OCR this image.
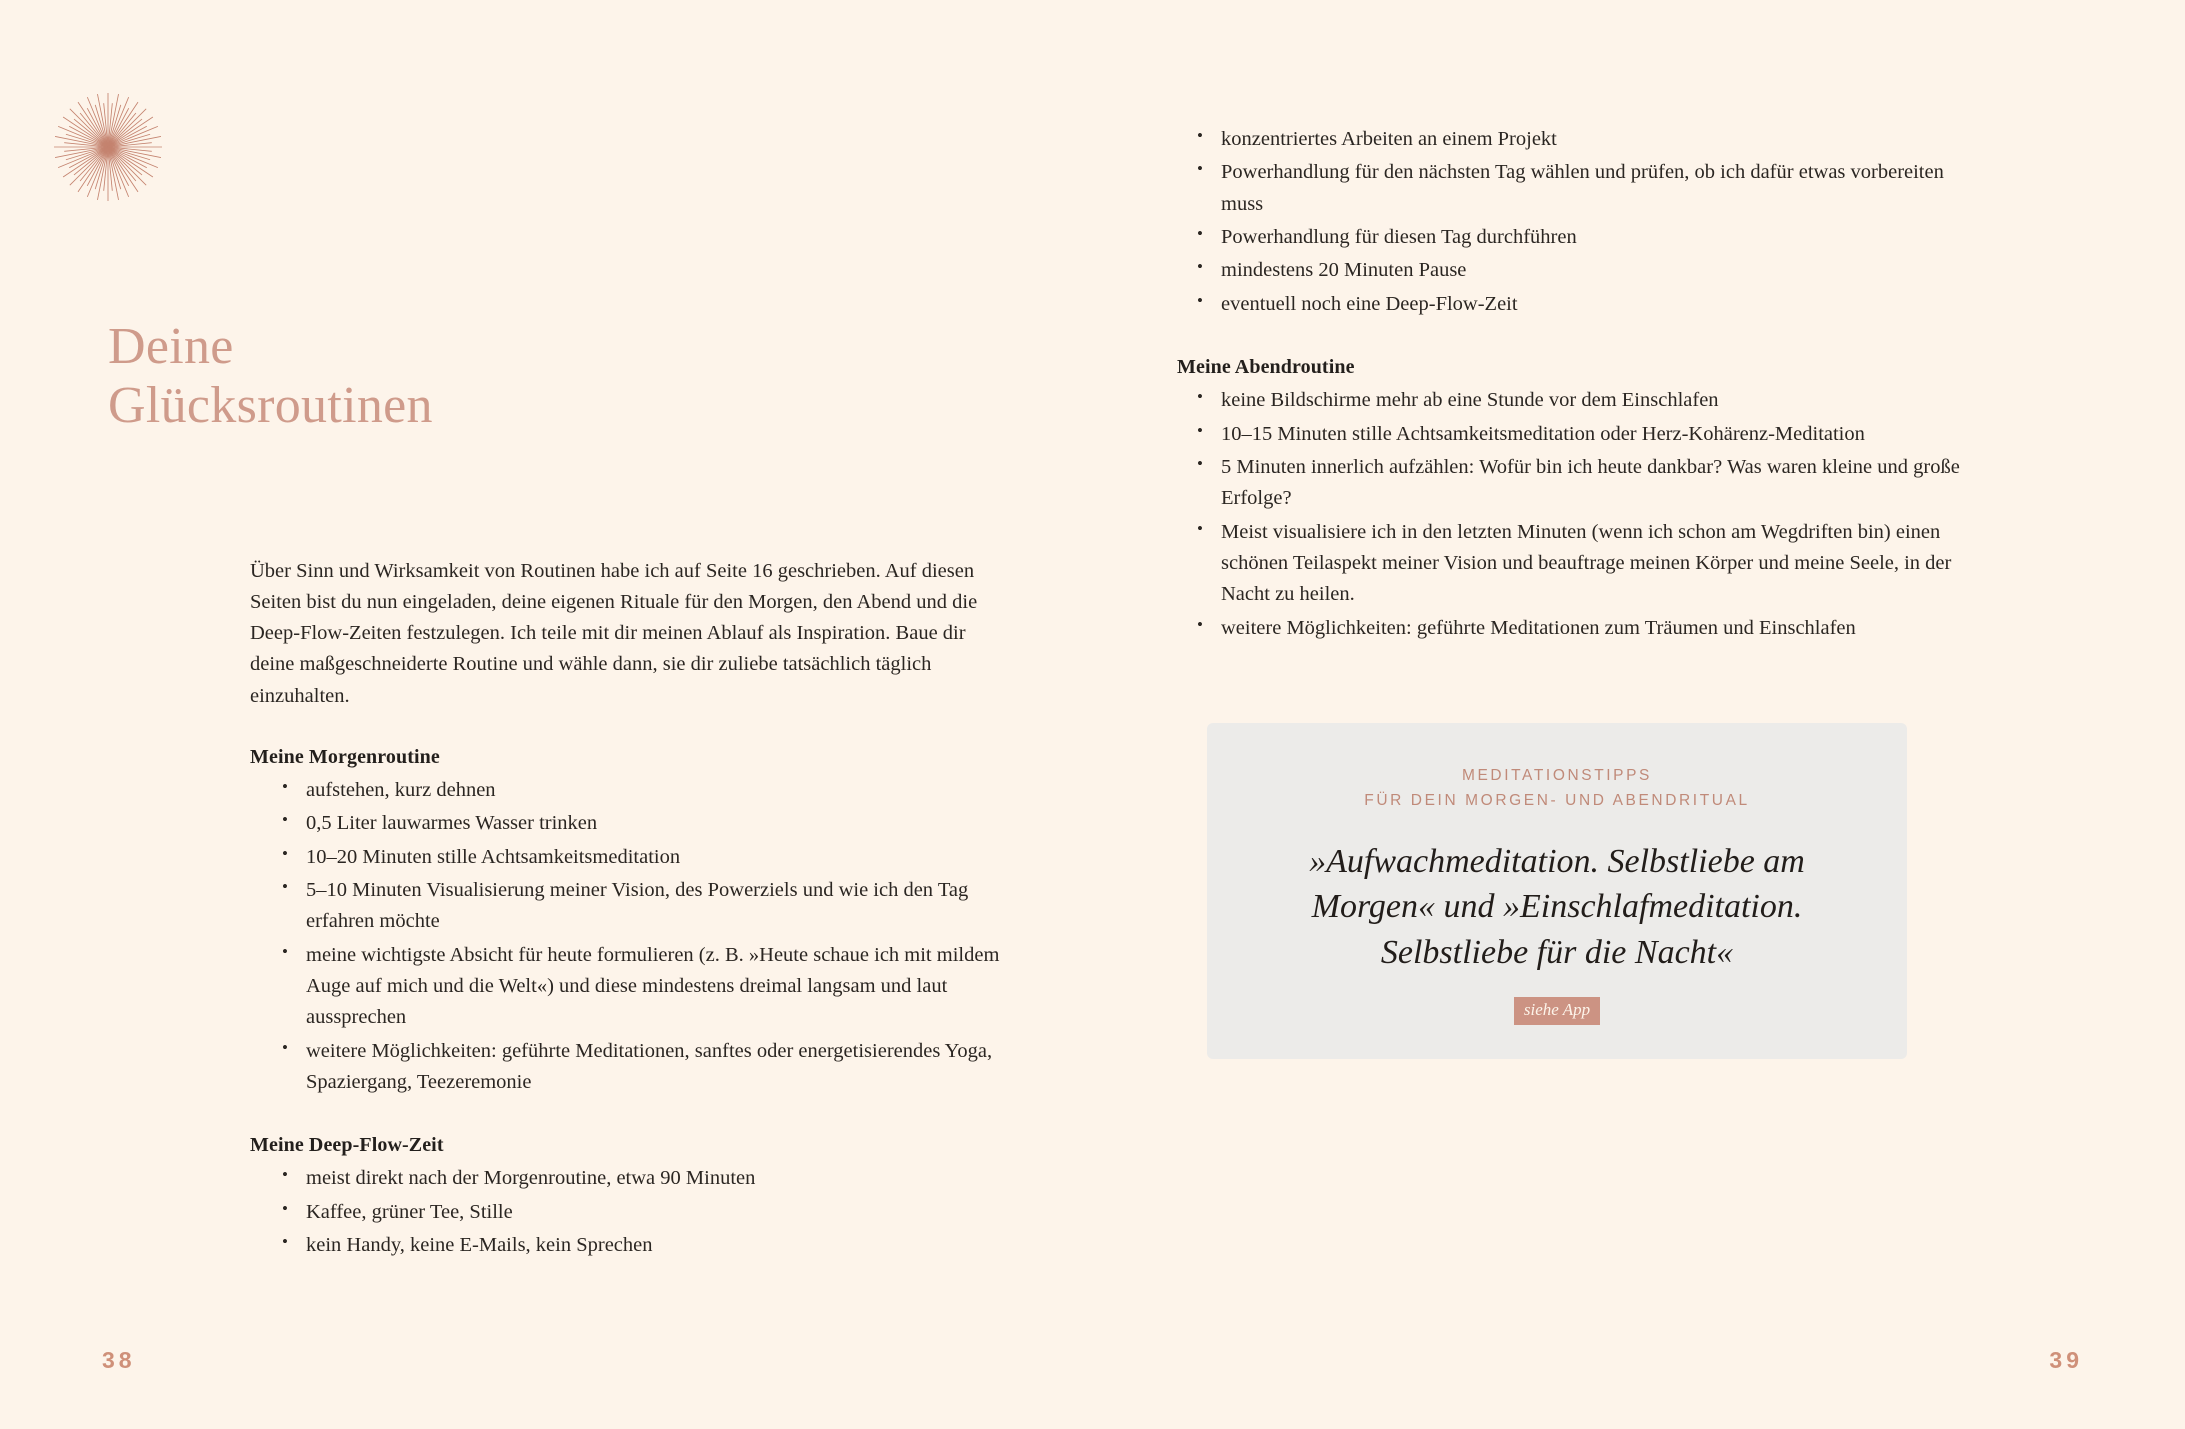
Deine
Glücksroutinen

Über Sinn und Wirksamkeit von Routinen habe ich auf Seite 16 geschrieben. Auf diesen Seiten bist du nun eingeladen, deine eigenen Rituale für den Morgen, den Abend und die Deep-Flow-Zeiten festzulegen. Ich teile mit dir meinen Ablauf als Inspiration. Baue dir deine maßgeschneiderte Routine und wähle dann, sie dir zuliebe tatsächlich täglich einzuhalten.

Meine Morgenroutine
• aufstehen, kurz dehnen
• 0,5 Liter lauwarmes Wasser trinken
• 10–20 Minuten stille Achtsamkeitsmeditation
• 5–10 Minuten Visualisierung meiner Vision, des Powerziels und wie ich den Tag erfahren möchte
• meine wichtigste Absicht für heute formulieren (z. B. »Heute schaue ich mit mildem Auge auf mich und die Welt«) und diese mindestens dreimal langsam und laut aussprechen
• weitere Möglichkeiten: geführte Meditationen, sanftes oder energetisierendes Yoga, Spaziergang, Teezeremonie
Meine Deep-Flow-Zeit
• meist direkt nach der Morgenroutine, etwa 90 Minuten
• Kaffee, grüner Tee, Stille
• kein Handy, keine E-Mails, kein Sprechen
• konzentriertes Arbeiten an einem Projekt
• Powerhandlung für den nächsten Tag wählen und prüfen, ob ich dafür etwas vorbereiten muss
• Powerhandlung für diesen Tag durchführen
• mindestens 20 Minuten Pause
• eventuell noch eine Deep-Flow-Zeit
Meine Abendroutine
• keine Bildschirme mehr ab eine Stunde vor dem Einschlafen
• 10–15 Minuten stille Achtsamkeitsmeditation oder Herz-Kohärenz-Meditation
• 5 Minuten innerlich aufzählen: Wofür bin ich heute dankbar? Was waren kleine und große Erfolge?
• Meist visualisiere ich in den letzten Minuten (wenn ich schon am Wegdriften bin) einen schönen Teilaspekt meiner Vision und beauftrage meinen Körper und meine Seele, in der Nacht zu heilen.
• weitere Möglichkeiten: geführte Meditationen zum Träumen und Einschlafen
MEDITATIONSTIPPS
FÜR DEIN MORGEN- UND ABENDRITUAL
»Aufwachmeditation. Selbstliebe am Morgen« und »Einschlafmeditation. Selbstliebe für die Nacht«
siehe App
38	39
